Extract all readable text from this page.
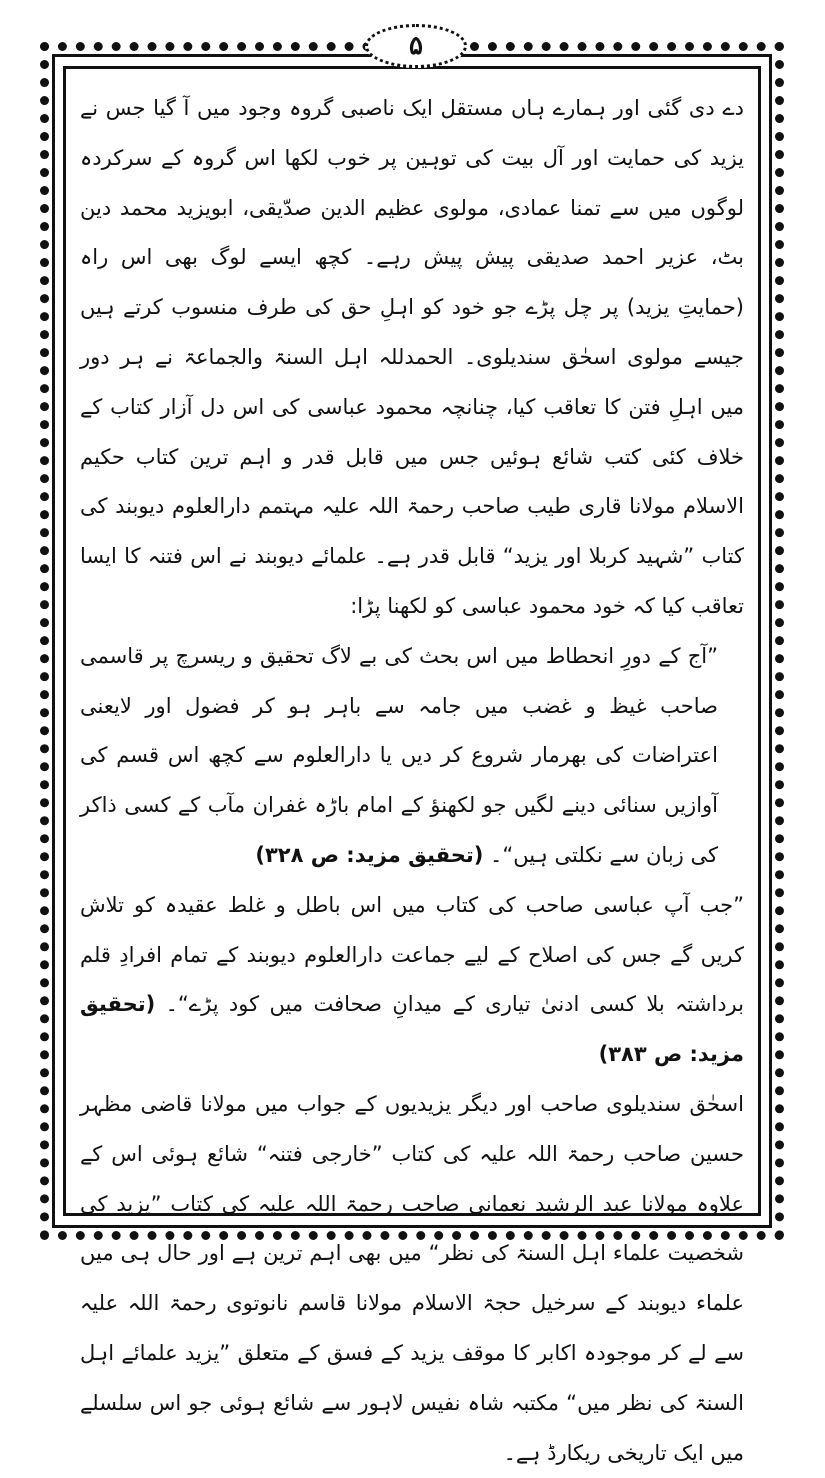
۵

دے دی گئی اور ہمارے ہاں مستقل ایک ناصبی گروہ وجود میں آ گیا جس نے یزید کی حمایت اور آل بیت کی توہین پر خوب لکھا اس گروہ کے سرکردہ لوگوں میں سے تمنا عمادی، مولوی عظیم الدین صدّیقی، ابویزید محمد دین بٹ، عزیر احمد صدیقی پیش پیش رہے۔ کچھ ایسے لوگ بھی اس راہ (حمایتِ یزید) پر چل پڑے جو خود کو اہلِ حق کی طرف منسوب کرتے ہیں جیسے مولوی اسحٰق سندیلوی۔ الحمدللہ اہل السنۃ والجماعۃ نے ہر دور میں اہلِ فتن کا تعاقب کیا، چنانچہ محمود عباسی کی اس دل آزار کتاب کے خلاف کئی کتب شائع ہوئیں جس میں قابل قدر و اہم ترین کتاب حکیم الاسلام مولانا قاری طیب صاحب رحمۃ اللہ علیہ مہتمم دارالعلوم دیوبند کی کتاب ”شہید کربلا اور یزید“ قابل قدر ہے۔ علمائے دیوبند نے اس فتنہ کا ایسا تعاقب کیا کہ خود محمود عباسی کو لکھنا پڑا:

”آج کے دورِ انحطاط میں اس بحث کی بے لاگ تحقیق و ریسرچ پر قاسمی صاحب غیظ و غضب میں جامہ سے باہر ہو کر فضول اور لایعنی اعتراضات کی بھرمار شروع کر دیں یا دارالعلوم سے کچھ اس قسم کی آوازیں سنائی دینے لگیں جو لکھنؤ کے امام باڑہ غفران مآب کے کسی ذاکر کی زبان سے نکلتی ہیں“۔ (تحقیق مزید: ص ۳۲۸)

”جب آپ عباسی صاحب کی کتاب میں اس باطل و غلط عقیدہ کو تلاش کریں گے جس کی اصلاح کے لیے جماعت دارالعلوم دیوبند کے تمام افرادِ قلم برداشتہ بلا کسی ادنیٰ تیاری کے میدانِ صحافت میں کود پڑے“۔ (تحقیق مزید: ص ۳۸۳)

اسحٰق سندیلوی صاحب اور دیگر یزیدیوں کے جواب میں مولانا قاضی مظہر حسین صاحب رحمۃ اللہ علیہ کی کتاب ”خارجی فتنہ“ شائع ہوئی اس کے علاوہ مولانا عبد الرشید نعمانی صاحب رحمۃ اللہ علیہ کی کتاب ”یزید کی شخصیت علماء اہل السنۃ کی نظر“ میں بھی اہم ترین ہے اور حال ہی میں علماء دیوبند کے سرخیل حجۃ الاسلام مولانا قاسم نانوتوی رحمۃ اللہ علیہ سے لے کر موجودہ اکابر کا موقف یزید کے فسق کے متعلق ”یزید علمائے اہل السنۃ کی نظر میں“ مکتبہ شاہ نفیس لاہور سے شائع ہوئی جو اس سلسلے میں ایک تاریخی ریکارڈ ہے۔
